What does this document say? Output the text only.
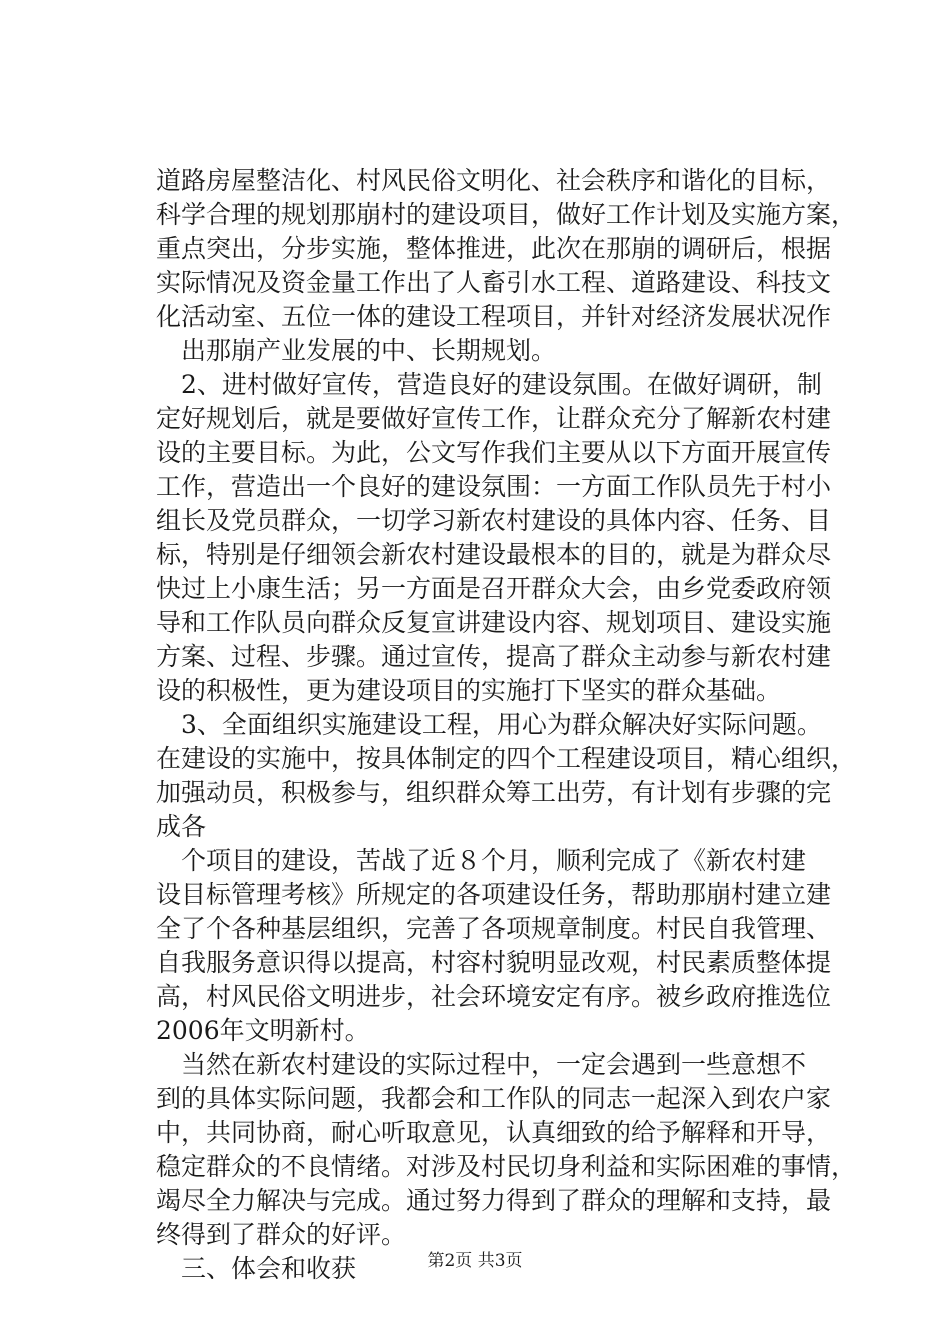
道路房屋整洁化、村风民俗文明化、社会秩序和谐化的目标，
科学合理的规划那崩村的建设项目，做好工作计划及实施方案，
重点突出，分步实施，整体推进，此次在那崩的调研后，根据
实际情况及资金量工作出了人畜引水工程、道路建设、科技文
化活动室、五位一体的建设工程项目，并针对经济发展状况作
出那崩产业发展的中、长期规划。
2、进村做好宣传，营造良好的建设氛围。在做好调研，制
定好规划后，就是要做好宣传工作，让群众充分了解新农村建
设的主要目标。为此，公文写作我们主要从以下方面开展宣传
工作，营造出一个良好的建设氛围：一方面工作队员先于村小
组长及党员群众，一切学习新农村建设的具体内容、任务、目
标，特别是仔细领会新农村建设最根本的目的，就是为群众尽
快过上小康生活；另一方面是召开群众大会，由乡党委政府领
导和工作队员向群众反复宣讲建设内容、规划项目、建设实施
方案、过程、步骤。通过宣传，提高了群众主动参与新农村建
设的积极性，更为建设项目的实施打下坚实的群众基础。
3、全面组织实施建设工程，用心为群众解决好实际问题。
在建设的实施中，按具体制定的四个工程建设项目，精心组织，
加强动员，积极参与，组织群众筹工出劳，有计划有步骤的完
成各
个项目的建设，苦战了近８个月，顺利完成了《新农村建
设目标管理考核》所规定的各项建设任务，帮助那崩村建立建
全了个各种基层组织，完善了各项规章制度。村民自我管理、
自我服务意识得以提高，村容村貌明显改观，村民素质整体提
高，村风民俗文明进步，社会环境安定有序。被乡政府推选位
2006年文明新村。
当然在新农村建设的实际过程中，一定会遇到一些意想不
到的具体实际问题，我都会和工作队的同志一起深入到农户家
中，共同协商，耐心听取意见，认真细致的给予解释和开导，
稳定群众的不良情绪。对涉及村民切身利益和实际困难的事情，
竭尽全力解决与完成。通过努力得到了群众的理解和支持，最
终得到了群众的好评。
三、体会和收获	第2页 共3页
